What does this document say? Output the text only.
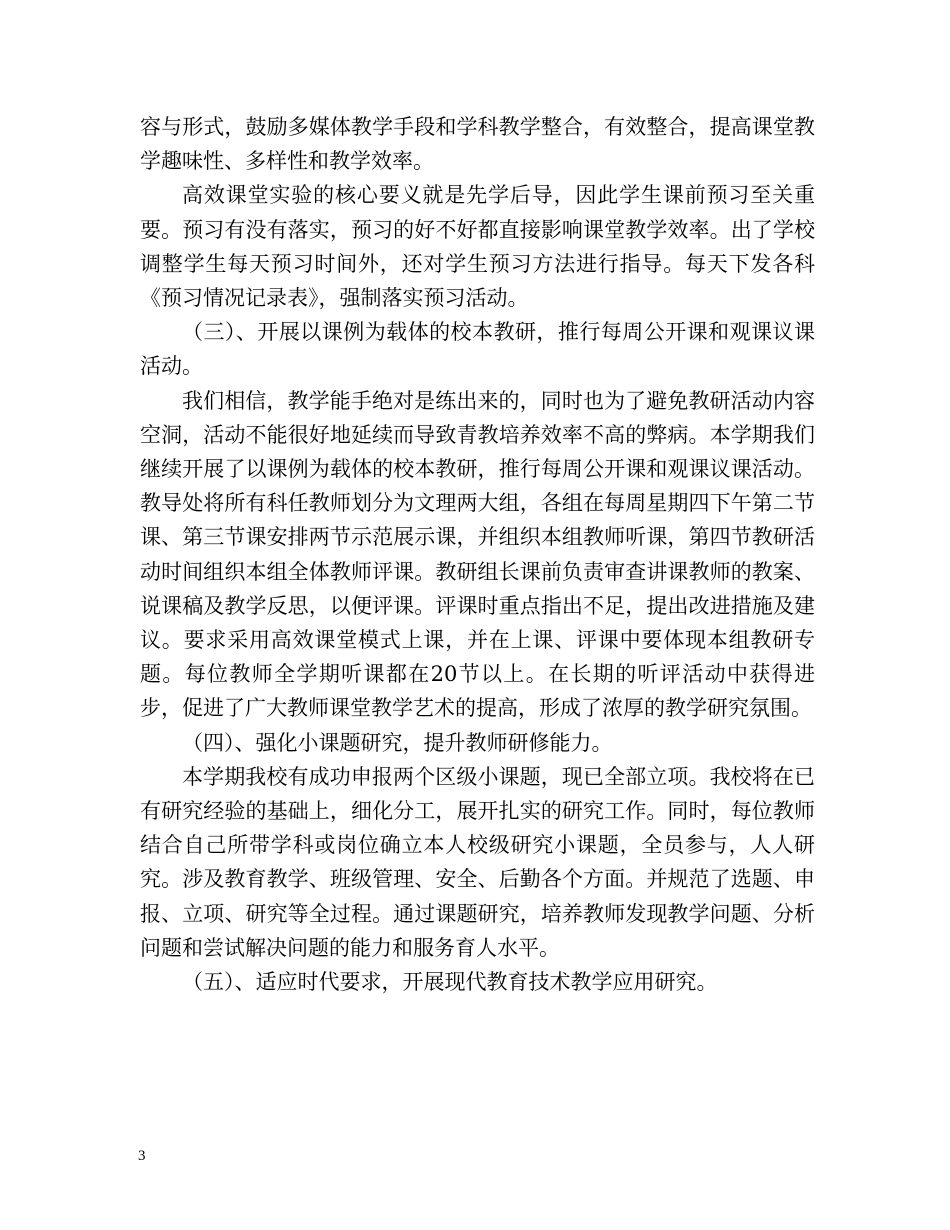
容与形式，鼓励多媒体教学手段和学科教学整合，有效整合，提高课堂教学趣味性、多样性和教学效率。

高效课堂实验的核心要义就是先学后导，因此学生课前预习至关重要。预习有没有落实，预习的好不好都直接影响课堂教学效率。出了学校调整学生每天预习时间外，还对学生预习方法进行指导。每天下发各科《预习情况记录表》，强制落实预习活动。

（三）、开展以课例为载体的校本教研，推行每周公开课和观课议课活动。

我们相信，教学能手绝对是练出来的，同时也为了避免教研活动内容空洞，活动不能很好地延续而导致青教培养效率不高的弊病。本学期我们继续开展了以课例为载体的校本教研，推行每周公开课和观课议课活动。教导处将所有科任教师划分为文理两大组，各组在每周星期四下午第二节课、第三节课安排两节示范展示课，并组织本组教师听课，第四节教研活动时间组织本组全体教师评课。教研组长课前负责审查讲课教师的教案、说课稿及教学反思，以便评课。评课时重点指出不足，提出改进措施及建议。要求采用高效课堂模式上课，并在上课、评课中要体现本组教研专题。每位教师全学期听课都在20节以上。在长期的听评活动中获得进步，促进了广大教师课堂教学艺术的提高，形成了浓厚的教学研究氛围。

（四）、强化小课题研究，提升教师研修能力。

本学期我校有成功申报两个区级小课题，现已全部立项。我校将在已有研究经验的基础上，细化分工，展开扎实的研究工作。同时，每位教师结合自己所带学科或岗位确立本人校级研究小课题，全员参与，人人研究。涉及教育教学、班级管理、安全、后勤各个方面。并规范了选题、申报、立项、研究等全过程。通过课题研究，培养教师发现教学问题、分析问题和尝试解决问题的能力和服务育人水平。

（五）、适应时代要求，开展现代教育技术教学应用研究。

3
